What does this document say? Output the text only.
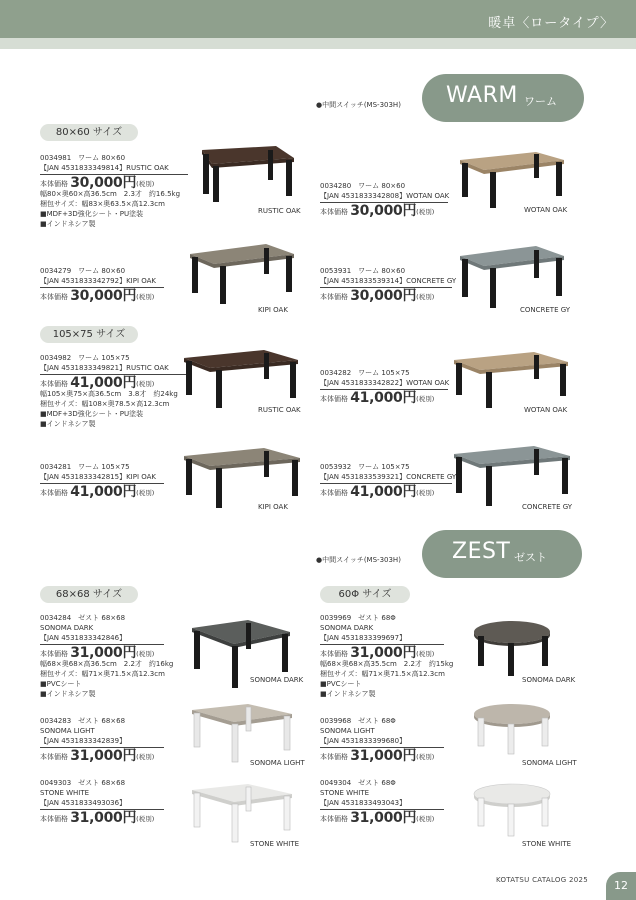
暖卓〈ロータイプ〉
●中間スイッチ(MS-303H) WARM ワーム
80×60 サイズ
0034981　ワーム 80×60
【JAN 4531833349814】RUSTIC OAK
本体価格 30,000円(税別)
幅80×奥60×高36.5cm　2.3才　約16.5kg
梱包サイズ：幅83×奥63.5×高12.3cm
■MDF+3D強化シート・PU塗装
■インドネシア製
RUSTIC OAK
0034280　ワーム 80×60
【JAN 4531833342808】WOTAN OAK
本体価格 30,000円(税別)	WOTAN OAK
0034279　ワーム 80×60
【JAN 4531833342792】KIPI OAK
本体価格 30,000円(税別)
KIPI OAK
0053931　ワーム 80×60
【JAN 4531833539314】CONCRETE GY
本体価格 30,000円(税別)
CONCRETE GY
105×75 サイズ
0034982　ワーム 105×75
【JAN 4531833349821】RUSTIC OAK
本体価格 41,000円(税別)
幅105×奥75×高36.5cm　3.8才　約24kg
梱包サイズ：幅108×奥78.5×高12.3cm
■MDF+3D強化シート・PU塗装
■インドネシア製
RUSTIC OAK
0034282　ワーム 105×75
【JAN 4531833342822】WOTAN OAK
本体価格 41,000円(税別)
WOTAN OAK
0034281　ワーム 105×75
【JAN 4531833342815】KIPI OAK
本体価格 41,000円(税別)
KIPI OAK
0053932　ワーム 105×75
【JAN 4531833539321】CONCRETE GY
本体価格 41,000円(税別)
CONCRETE GY
●中間スイッチ(MS-303H) ZEST ゼスト
68×68 サイズ	60Φ サイズ
0034284　ゼスト 68×68
SONOMA DARK
【JAN 4531833342846】
本体価格 31,000円(税別)
幅68×奥68×高36.5cm　2.2才　約16kg
梱包サイズ：幅71×奥71.5×高12.3cm
■PVCシート
■インドネシア製
SONOMA DARK
0034283　ゼスト 68×68
SONOMA LIGHT
【JAN 4531833342839】
本体価格 31,000円(税別)
SONOMA LIGHT
0049303　ゼスト 68×68
STONE WHITE
【JAN 4531833493036】
本体価格 31,000円(税別)
STONE WHITE
0039969　ゼスト 68Φ
SONOMA DARK
【JAN 4531833399697】
本体価格 31,000円(税別)
幅68×奥68×高35.5cm　2.2才　約15kg
梱包サイズ：幅71×奥71.5×高12.3cm
■PVCシート
■インドネシア製
SONOMA DARK
0039968　ゼスト 68Φ
SONOMA LIGHT
【JAN 4531833399680】
本体価格 31,000円(税別)
SONOMA LIGHT
0049304　ゼスト 68Φ
STONE WHITE
【JAN 4531833493043】
本体価格 31,000円(税別)
STONE WHITE
KOTATSU CATALOG 2025	12
